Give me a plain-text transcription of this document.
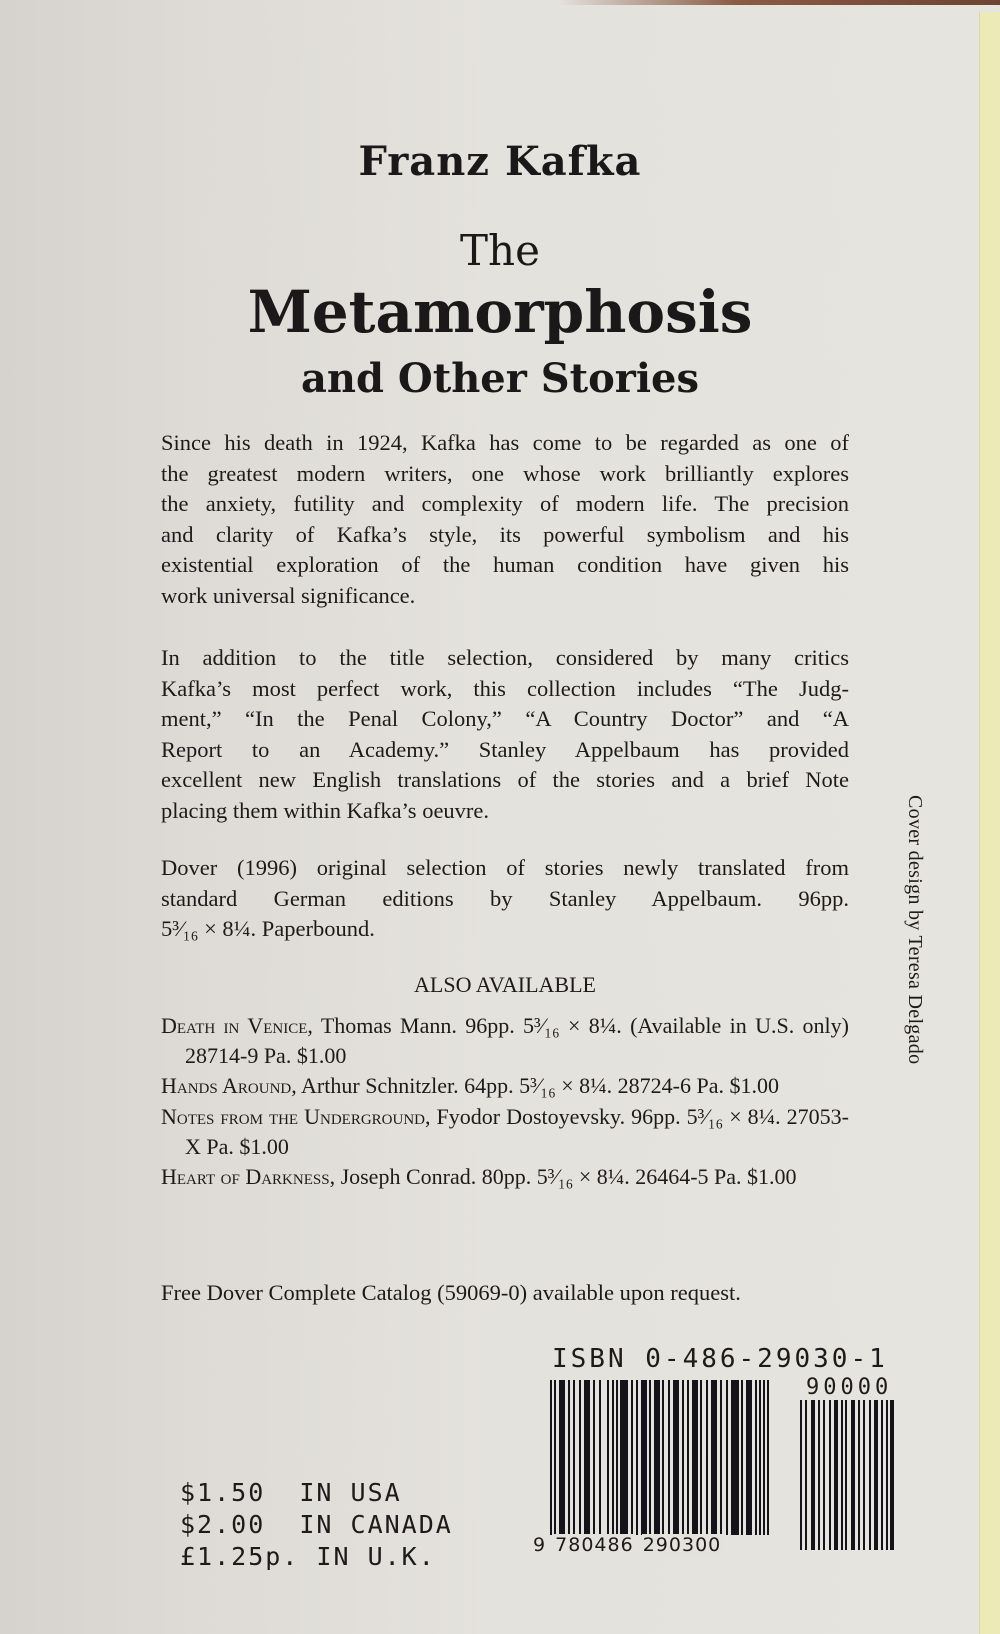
Franz Kafka
The
Metamorphosis
and Other Stories
Since his death in 1924, Kafka has come to be regarded as one of
the greatest modern writers, one whose work brilliantly explores
the anxiety, futility and complexity of modern life. The precision
and clarity of Kafka’s style, its powerful symbolism and his
existential exploration of the human condition have given his
work universal significance.
In addition to the title selection, considered by many critics
Kafka’s most perfect work, this collection includes “The Judg-
ment,” “In the Penal Colony,” “A Country Doctor” and “A
Report to an Academy.” Stanley Appelbaum has provided
excellent new English translations of the stories and a brief Note
placing them within Kafka’s oeuvre.
Dover (1996) original selection of stories newly translated from
standard German editions by Stanley Appelbaum. 96pp.
5³⁄₁₆ × 8¼. Paperbound.
ALSO AVAILABLE
Death in Venice, Thomas Mann. 96pp. 5³⁄₁₆ × 8¼. (Available in U.S. only) 28714-9 Pa. $1.00
Hands Around, Arthur Schnitzler. 64pp. 5³⁄₁₆ × 8¼. 28724-6 Pa. $1.00
Notes from the Underground, Fyodor Dostoyevsky. 96pp. 5³⁄₁₆ × 8¼. 27053-X Pa. $1.00
Heart of Darkness, Joseph Conrad. 80pp. 5³⁄₁₆ × 8¼. 26464-5 Pa. $1.00
Free Dover Complete Catalog (59069-0) available upon request.
Cover design by Teresa Delgado
ISBN 0-486-29030-1
90000
9 780486 290300
$1.50 IN USA
$2.00 IN CANADA
£1.25p. IN U.K.
